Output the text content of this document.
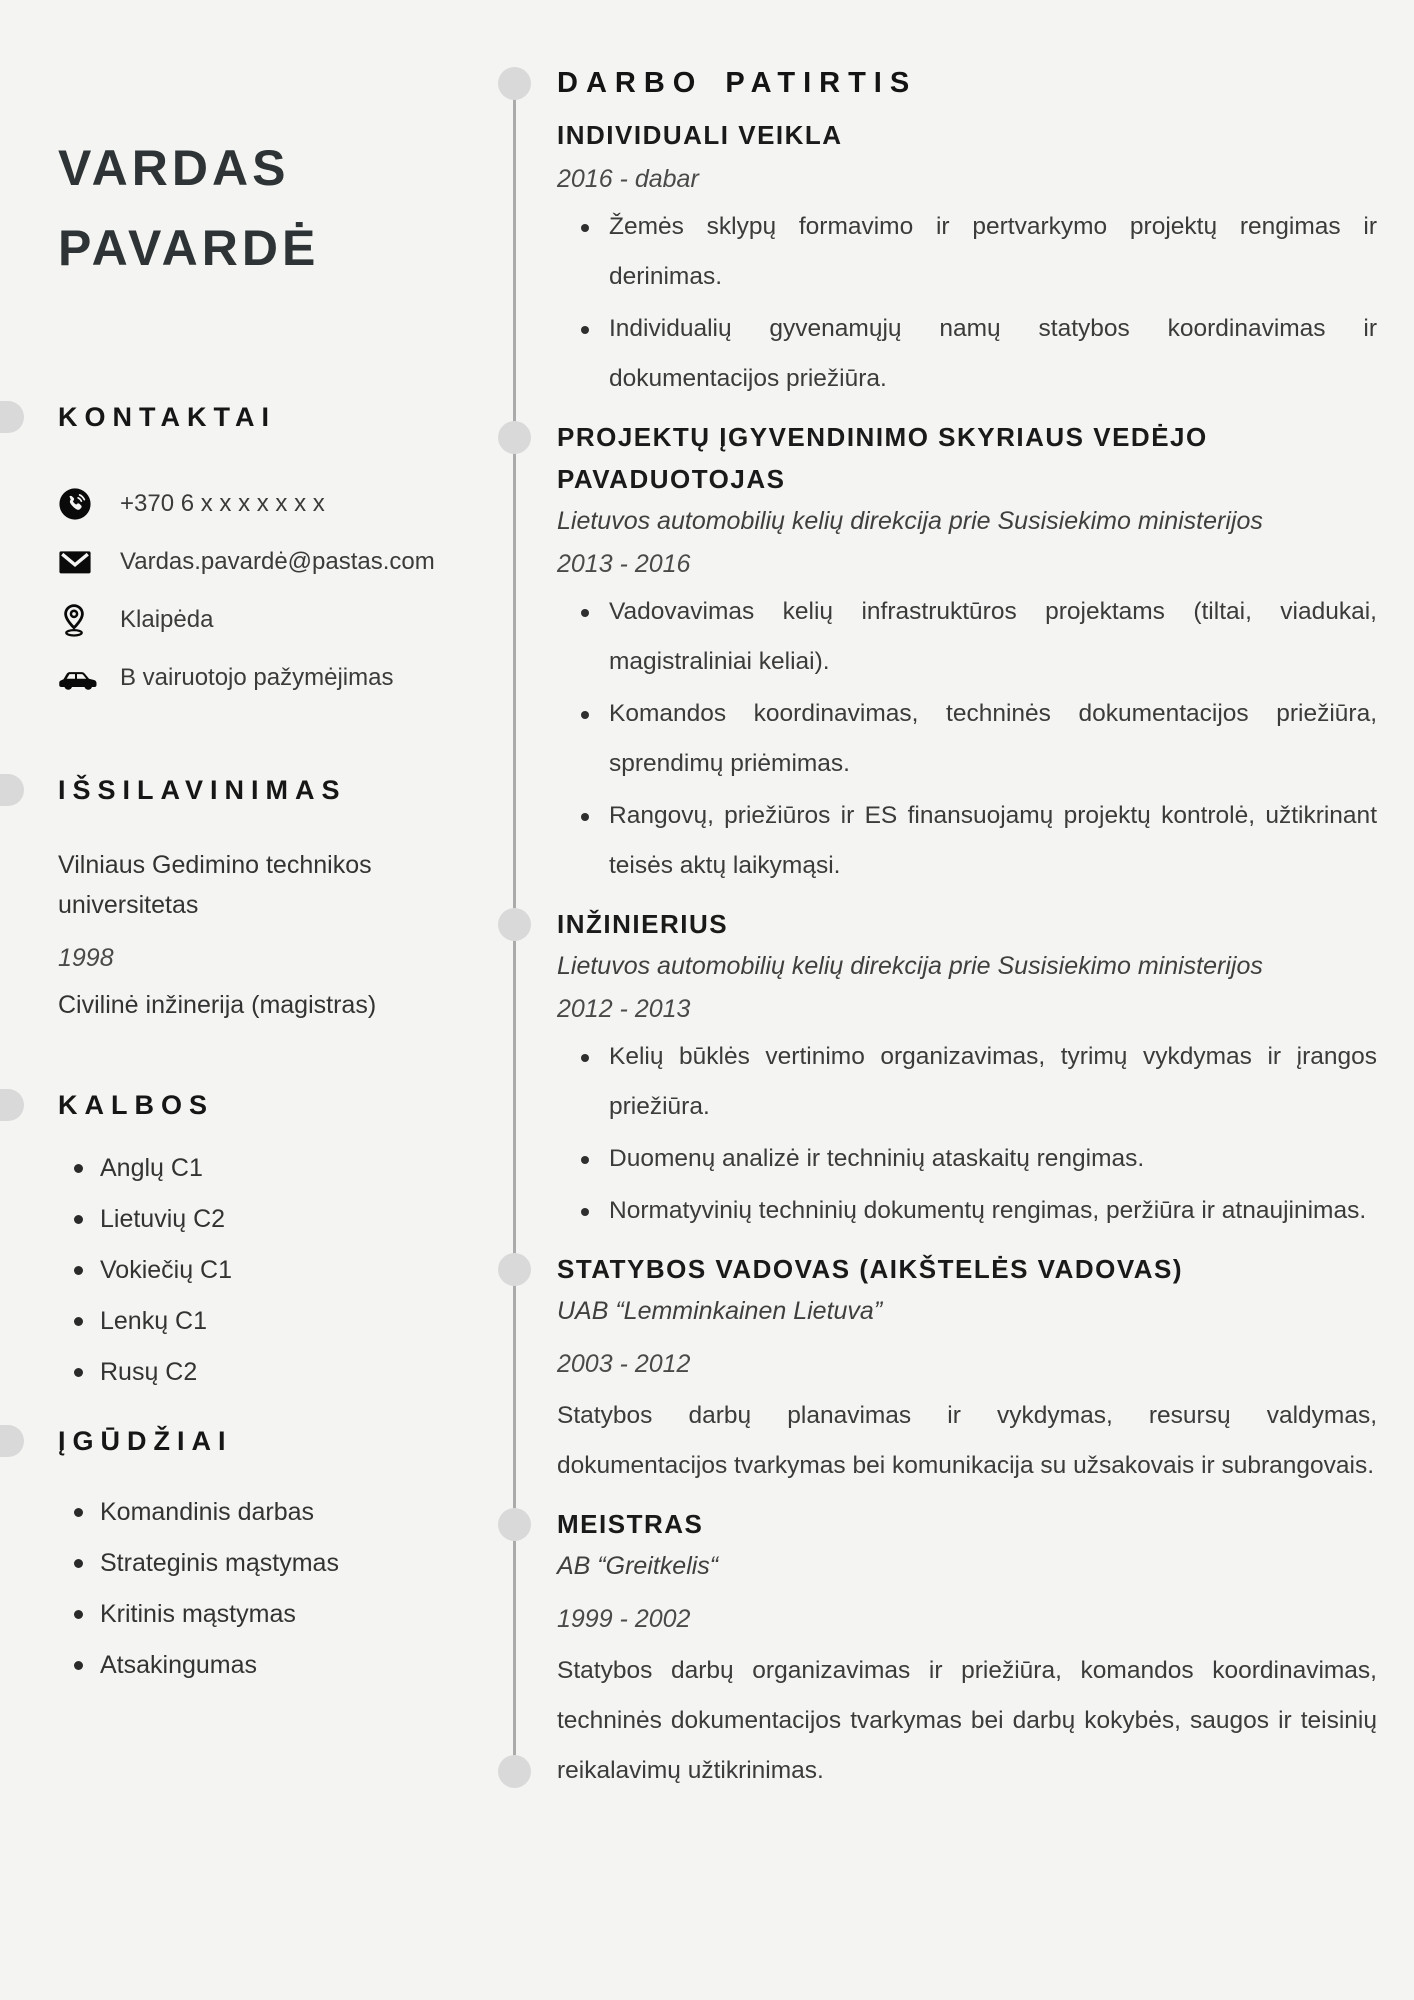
VARDAS
PAVARDĖ
KONTAKTAI
+370 6 x x x x x x x
Vardas.pavardė@pastas.com
Klaipėda
B vairuotojo pažymėjimas
IŠSILAVINIMAS

Vilniaus Gedimino technikos universitetas

1998

Civilinė inžinerija (magistras)

KALBOS
Anglų C1
Lietuvių C2
Vokiečių C1
Lenkų C1
Rusų C2
ĮGŪDŽIAI
Komandinis darbas
Strateginis mąstymas
Kritinis mąstymas
Atsakingumas
DARBO PATIRTIS
INDIVIDUALI VEIKLA

2016 - dabar

Žemės sklypų formavimo ir pertvarkymo projektų rengimas ir derinimas.
Individualių gyvenamųjų namų statybos koordinavimas ir dokumentacijos priežiūra.
PROJEKTŲ ĮGYVENDINIMO SKYRIAUS VEDĖJO PAVADUOTOJAS

Lietuvos automobilių kelių direkcija prie Susisiekimo ministerijos

2013 - 2016

Vadovavimas kelių infrastruktūros projektams (tiltai, viadukai, magistraliniai keliai).
Komandos koordinavimas, techninės dokumentacijos priežiūra, sprendimų priėmimas.
Rangovų, priežiūros ir ES finansuojamų projektų kontrolė, užtikrinant teisės aktų laikymąsi.
INŽINIERIUS

Lietuvos automobilių kelių direkcija prie Susisiekimo ministerijos

2012 - 2013

Kelių būklės vertinimo organizavimas, tyrimų vykdymas ir įrangos priežiūra.
Duomenų analizė ir techninių ataskaitų rengimas.
Normatyvinių techninių dokumentų rengimas, peržiūra ir atnaujinimas.
STATYBOS VADOVAS (AIKŠTELĖS VADOVAS)

UAB “Lemminkainen Lietuva”

2003 - 2012

Statybos darbų planavimas ir vykdymas, resursų valdymas, dokumentacijos tvarkymas bei komunikacija su užsakovais ir subrangovais.

MEISTRAS

AB “Greitkelis“

1999 - 2002

Statybos darbų organizavimas ir priežiūra, komandos koordinavimas, techninės dokumentacijos tvarkymas bei darbų kokybės, saugos ir teisinių reikalavimų užtikrinimas.
